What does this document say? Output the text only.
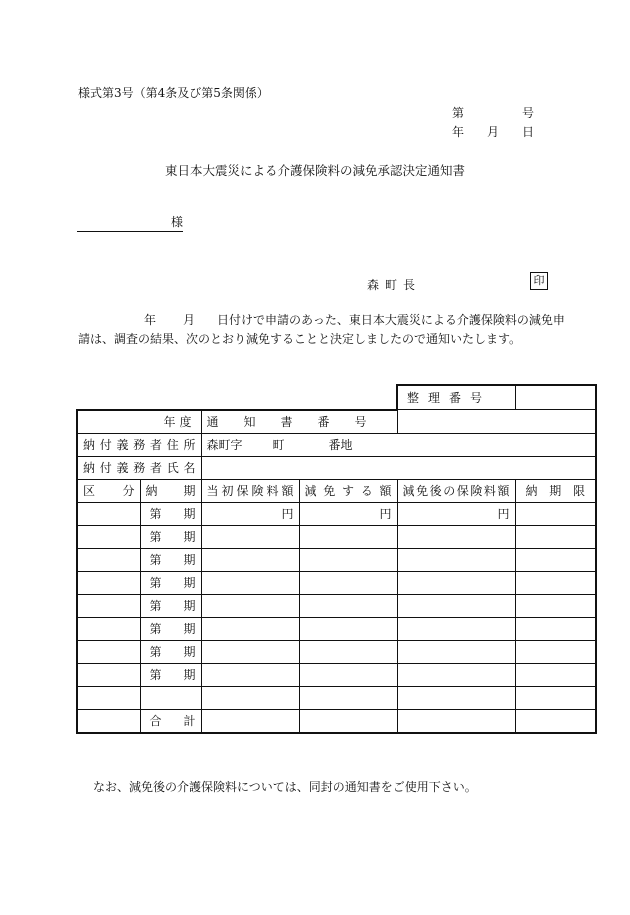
様式第3号（第4条及び第5条関係）
第	号
年 月 日
東日本大震災による介護保険料の減免承認決定通知書
様
森町長	印
年 月 日付けで申請のあった、東日本大震災による介護保険料の減免申
請は、調査の結果、次のとおり減免することと決定しましたので通知いたします。

				整理番号	

年度		通知書番号			

納付義務者住所		森町字 町 番地			

納付義務者氏名					
区分	納期	当初保険料額	減免する額	減免後の保険料額	納期限

	第 期	円	円	円	

	第 期				

	第 期				

	第 期				

	第 期				

	第 期				

	第 期				

	第 期				

	合 計				

なお、減免後の介護保険料については、同封の通知書をご使用下さい。
